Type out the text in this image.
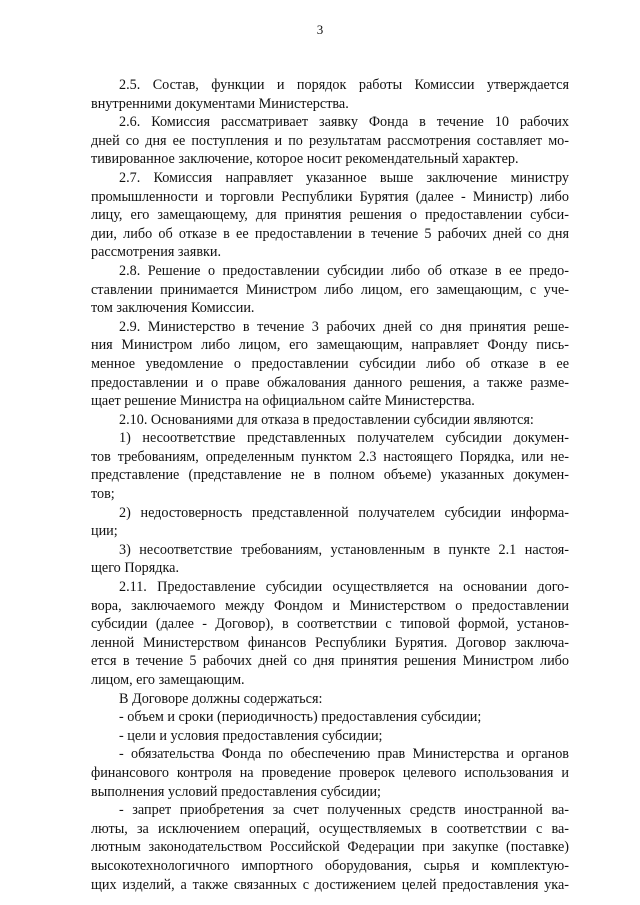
3
2.5. Состав, функции и порядок работы Комиссии утверждается
внутренними документами Министерства.
2.6. Комиссия рассматривает заявку Фонда в течение 10 рабочих
дней со дня ее поступления и по результатам рассмотрения составляет мо-
тивированное заключение, которое носит рекомендательный характер.
2.7. Комиссия направляет указанное выше заключение министру
промышленности и торговли Республики Бурятия (далее - Министр) либо
лицу, его замещающему, для принятия решения о предоставлении субси-
дии, либо об отказе в ее предоставлении в течение 5 рабочих дней со дня
рассмотрения заявки.
2.8. Решение о предоставлении субсидии либо об отказе в ее предо-
ставлении принимается Министром либо лицом, его замещающим, с уче-
том заключения Комиссии.
2.9. Министерство в течение 3 рабочих дней со дня принятия реше-
ния Министром либо лицом, его замещающим, направляет Фонду пись-
менное уведомление о предоставлении субсидии либо об отказе в ее
предоставлении и о праве обжалования данного решения, а также разме-
щает решение Министра на официальном сайте Министерства.
2.10. Основаниями для отказа в предоставлении субсидии являются:
1) несоответствие представленных получателем субсидии докумен-
тов требованиям, определенным пунктом 2.3 настоящего Порядка, или не-
представление (представление не в полном объеме) указанных докумен-
тов;
2) недостоверность представленной получателем субсидии информа-
ции;
3) несоответствие требованиям, установленным в пункте 2.1 настоя-
щего Порядка.
2.11. Предоставление субсидии осуществляется на основании дого-
вора, заключаемого между Фондом и Министерством о предоставлении
субсидии (далее - Договор), в соответствии с типовой формой, установ-
ленной Министерством финансов Республики Бурятия. Договор заключа-
ется в течение 5 рабочих дней со дня принятия решения Министром либо
лицом, его замещающим.
В Договоре должны содержаться:
- объем и сроки (периодичность) предоставления субсидии;
- цели и условия предоставления субсидии;
- обязательства Фонда по обеспечению прав Министерства и органов
финансового контроля на проведение проверок целевого использования и
выполнения условий предоставления субсидии;
- запрет приобретения за счет полученных средств иностранной ва-
люты, за исключением операций, осуществляемых в соответствии с ва-
лютным законодательством Российской Федерации при закупке (поставке)
высокотехнологичного импортного оборудования, сырья и комплектую-
щих изделий, а также связанных с достижением целей предоставления ука-
